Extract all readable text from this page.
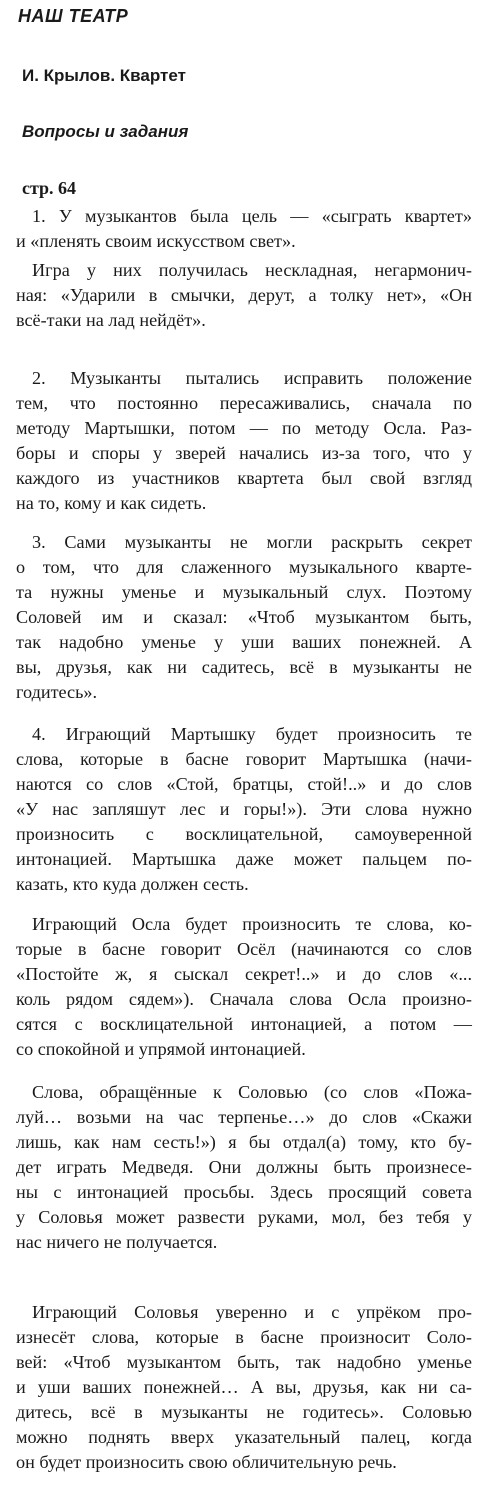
НАШ ТЕАТР
И. Крылов. Квартет
Вопросы и задания
стр. 64
1. У музыкантов была цель — «сыграть квартет»
и «пленять своим искусством свет».
Игра у них получилась нескладная, негармонич-
ная: «Ударили в смычки, дерут, а толку нет», «Он
всё-таки на лад нейдёт».
2. Музыканты пытались исправить положение
тем, что постоянно пересаживались, сначала по
методу Мартышки, потом — по методу Осла. Раз-
боры и споры у зверей начались из-за того, что у
каждого из участников квартета был свой взгляд
на то, кому и как сидеть.
3. Сами музыканты не могли раскрыть секрет
о том, что для слаженного музыкального кварте-
та нужны уменье и музыкальный слух. Поэтому
Соловей им и сказал: «Чтоб музыкантом быть,
так надобно уменье у уши ваших понежней. А
вы, друзья, как ни садитесь, всё в музыканты не
годитесь».
4. Играющий Мартышку будет произносить те
слова, которые в басне говорит Мартышка (начи-
наются со слов «Стой, братцы, стой!..» и до слов
«У нас запляшут лес и горы!»). Эти слова нужно
произносить с восклицательной, самоуверенной
интонацией. Мартышка даже может пальцем по-
казать, кто куда должен сесть.
Играющий Осла будет произносить те слова, ко-
торые в басне говорит Осёл (начинаются со слов
«Постойте ж, я сыскал секрет!..» и до слов «...
коль рядом сядем»). Сначала слова Осла произно-
сятся с восклицательной интонацией, а потом —
со спокойной и упрямой интонацией.
Слова, обращённые к Соловью (со слов «Пожа-
луй… возьми на час терпенье…» до слов «Скажи
лишь, как нам сесть!») я бы отдал(а) тому, кто бу-
дет играть Медведя. Они должны быть произнесе-
ны с интонацией просьбы. Здесь просящий совета
у Соловья может развести руками, мол, без тебя у
нас ничего не получается.
Играющий Соловья уверенно и с упрёком про-
изнесёт слова, которые в басне произносит Соло-
вей: «Чтоб музыкантом быть, так надобно уменье
и уши ваших понежней… А вы, друзья, как ни са-
дитесь, всё в музыканты не годитесь». Соловью
можно поднять вверх указательный палец, когда
он будет произносить свою обличительную речь.
